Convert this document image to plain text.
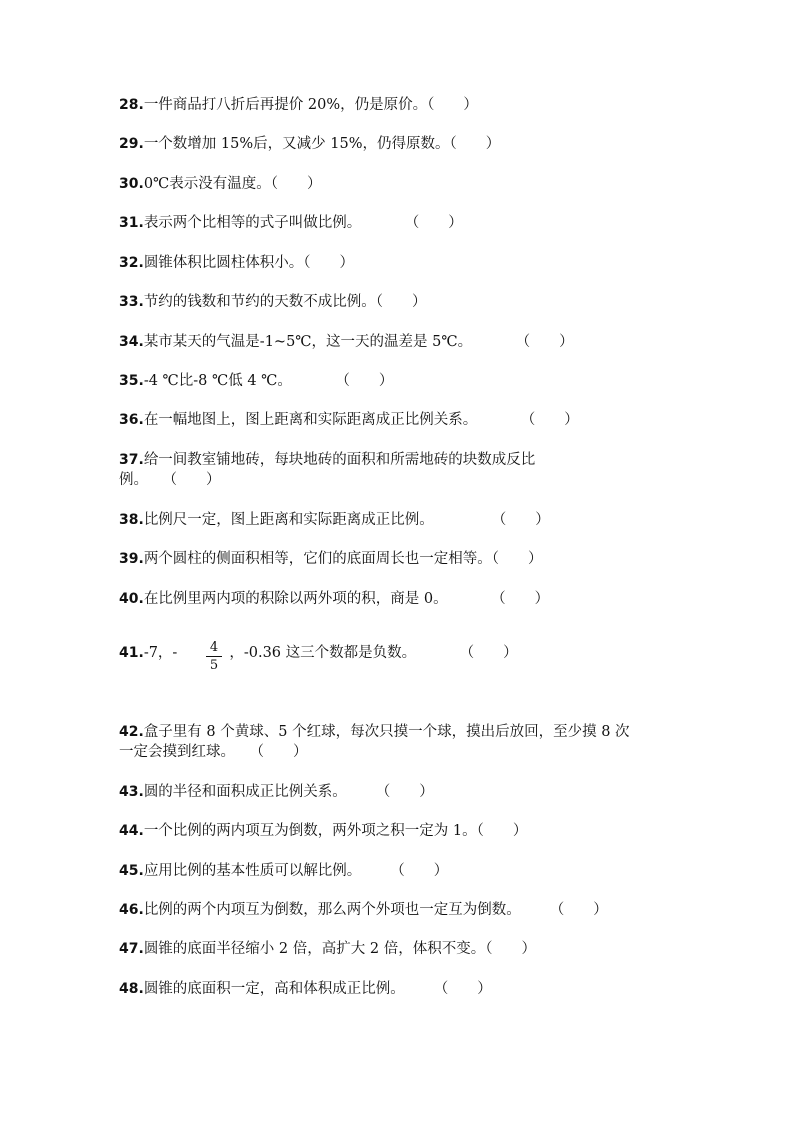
28.一件商品打八折后再提价 20%，仍是原价。（　　）
29.一个数增加 15%后，又减少 15%，仍得原数。（　　）
30.0℃表示没有温度。（　　）
31.表示两个比相等的式子叫做比例。　　　　（　　）
32.圆锥体积比圆柱体积小。（　　）
33.节约的钱数和节约的天数不成比例。（　　）
34.某市某天的气温是-1~5℃，这一天的温差是 5℃。　　　　（　　）
35.-4 ℃比-8 ℃低 4 ℃。　　　　（　　）
36.在一幅地图上，图上距离和实际距离成正比例关系。　　　　（　　）
37.给一间教室铺地砖，每块地砖的面积和所需地砖的块数成反比
例。　　（　　）
38.比例尺一定，图上距离和实际距离成正比例。　　　　　（　　）
39.两个圆柱的侧面积相等，它们的底面周长也一定相等。（　　）
40.在比例里两内项的积除以两外项的积，商是 0。　　　　（　　）
41.-7，-	，-0.36 这三个数都是负数。　　　　（　　）
4
5
42.盒子里有 8 个黄球、5 个红球，每次只摸一个球，摸出后放回，至少摸 8 次
一定会摸到红球。　　（　　）
43.圆的半径和面积成正比例关系。　　　（　　）
44.一个比例的两内项互为倒数，两外项之积一定为 1。（　　）
45.应用比例的基本性质可以解比例。　　　（　　）
46.比例的两个内项互为倒数，那么两个外项也一定互为倒数。　　　（　　）
47.圆锥的底面半径缩小 2 倍，高扩大 2 倍，体积不变。（　　）
48.圆锥的底面积一定，高和体积成正比例。　　　（　　）
